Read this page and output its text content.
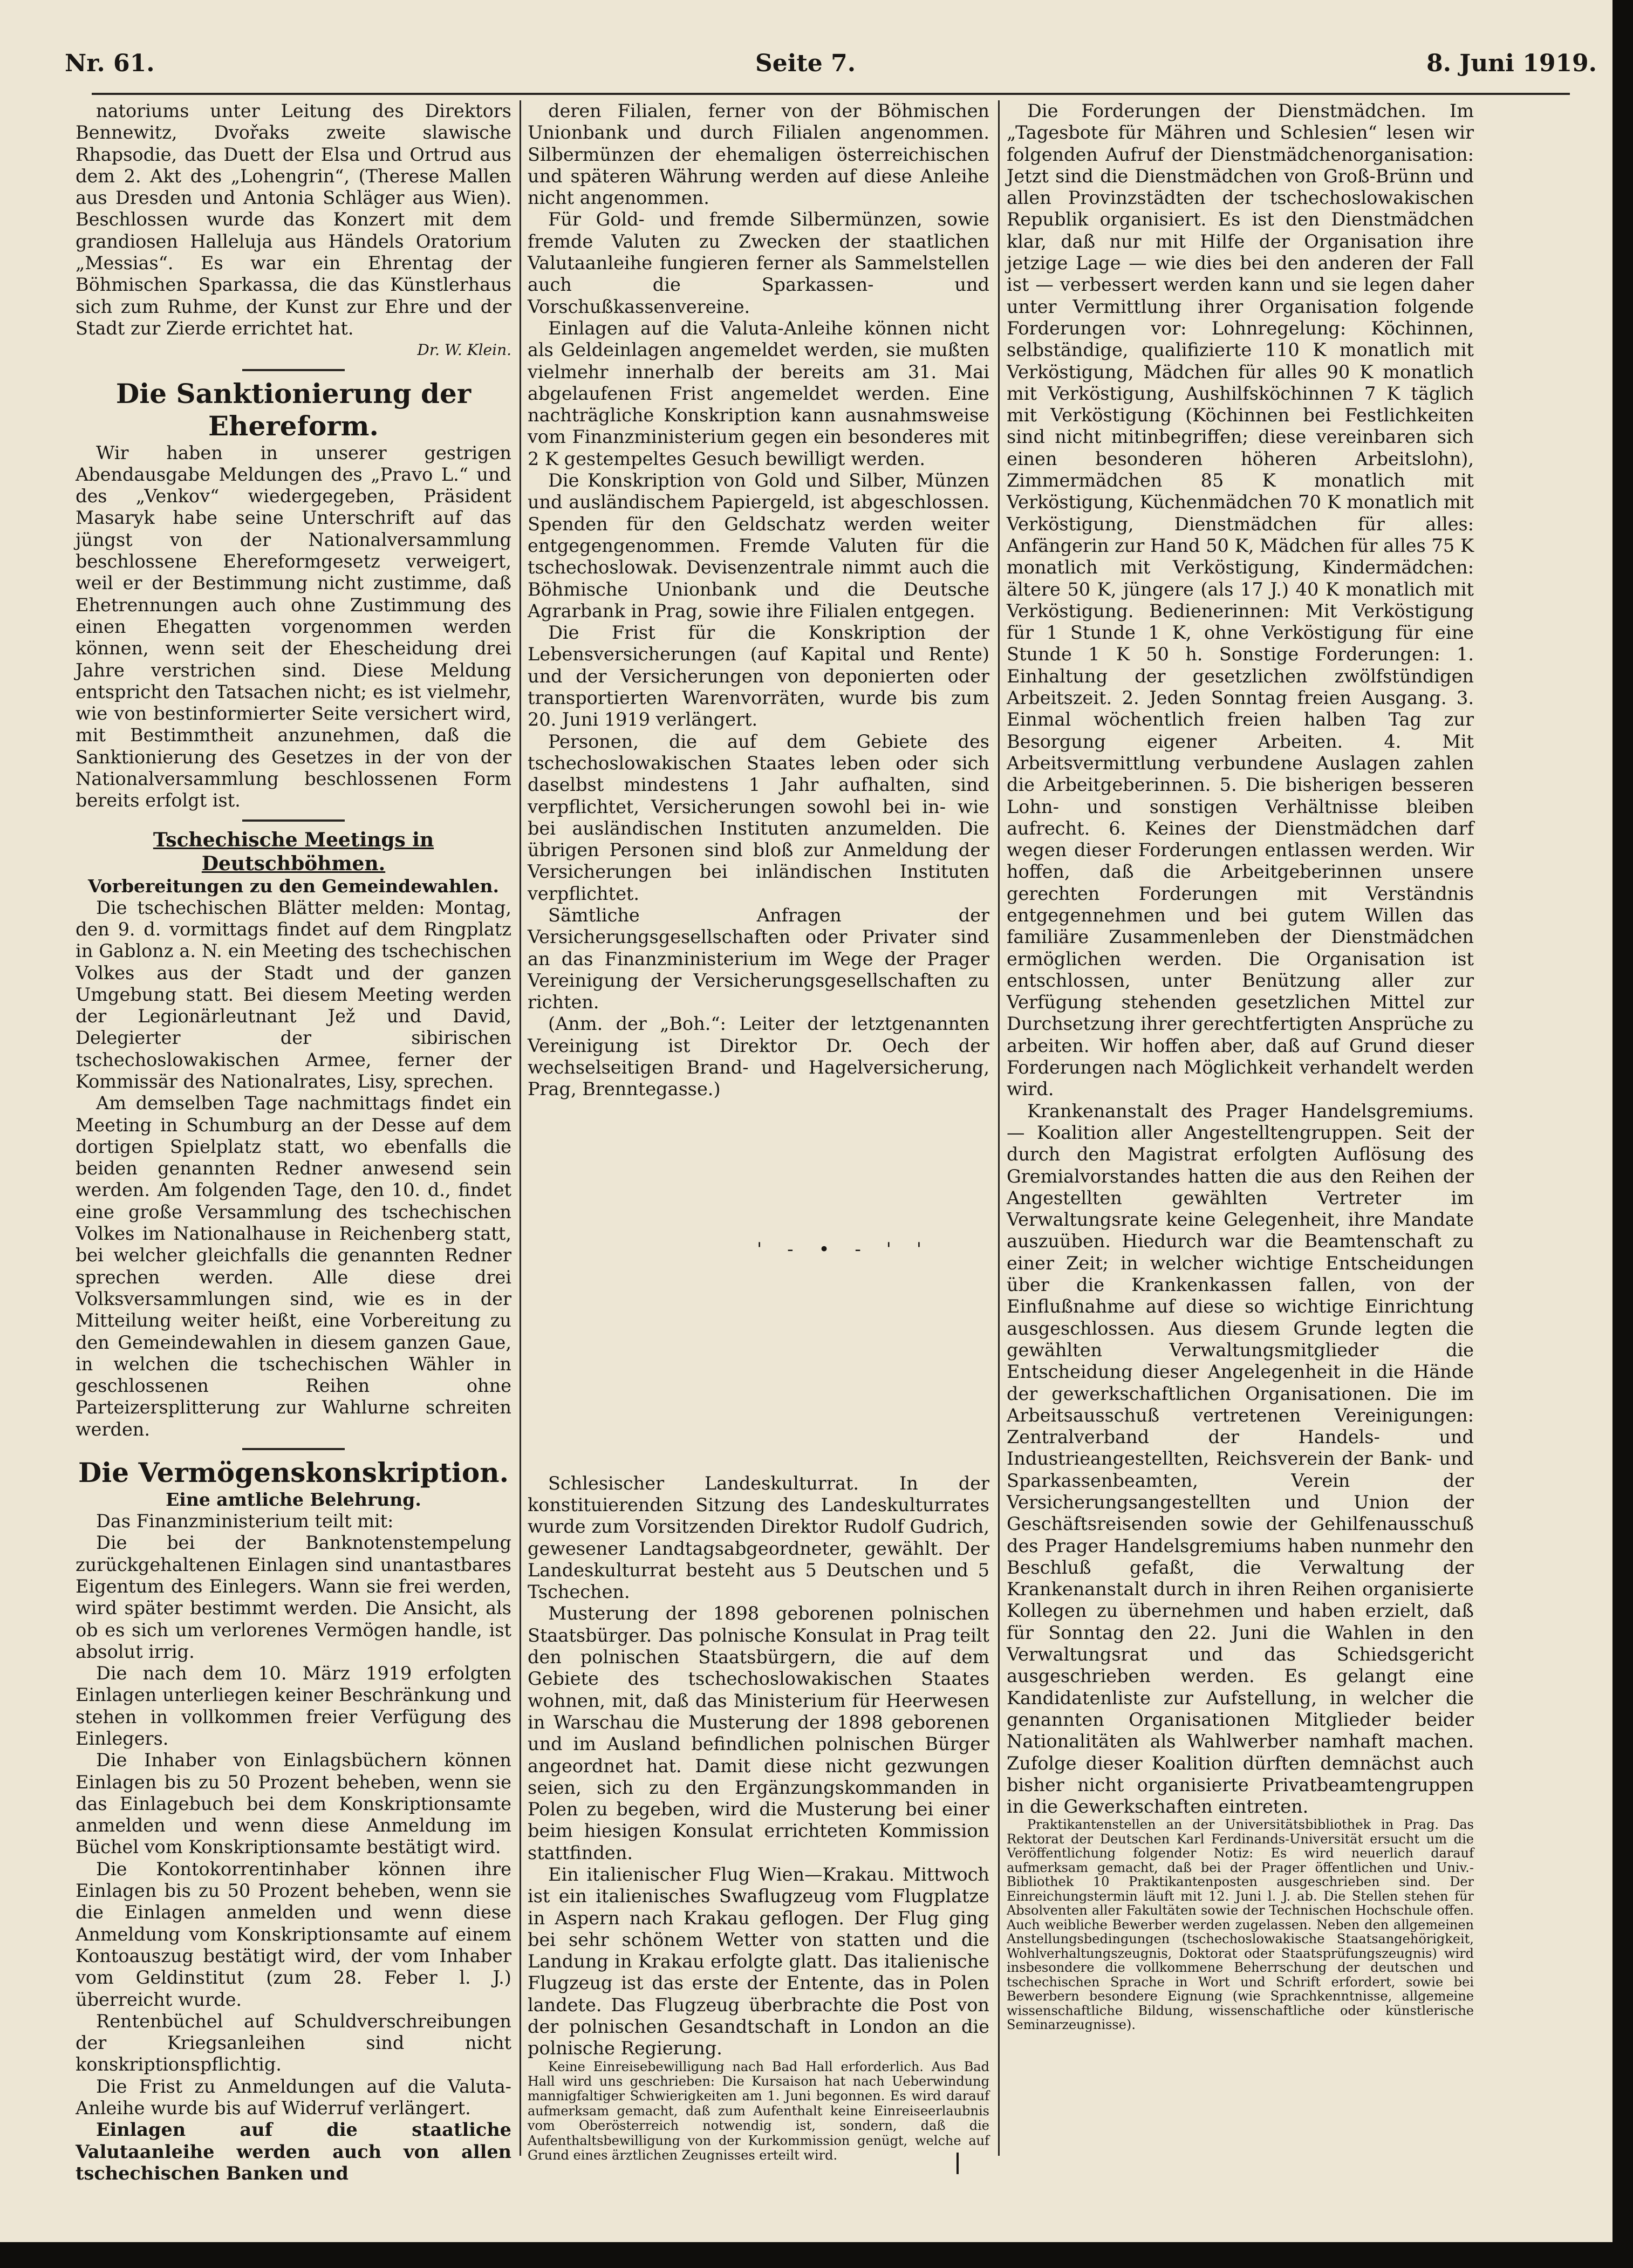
Nr. 61.	Seite 7.	8. Juni 1919.

natoriums unter Leitung des Direktors Bennewitz, Dvořaks zweite slawische Rhapsodie, das Duett der Elsa und Ortrud aus dem 2. Akt des „Lohengrin“, (Therese Mallen aus Dresden und Antonia Schläger aus Wien). Beschlossen wurde das Konzert mit dem grandiosen Halleluja aus Händels Oratorium „Messias“. Es war ein Ehrentag der Böhmischen Sparkassa, die das Künstlerhaus sich zum Ruhme, der Kunst zur Ehre und der Stadt zur Zierde errichtet hat.

Dr. W. Klein.

Die Sanktionierung der Ehereform.

Wir haben in unserer gestrigen Abendausgabe Meldungen des „Pravo L.“ und des „Venkov“ wiedergegeben, Präsident Masaryk habe seine Unterschrift auf das jüngst von der Nationalversammlung beschlossene Ehereformgesetz verweigert, weil er der Bestimmung nicht zustimme, daß Ehetrennungen auch ohne Zustimmung des einen Ehegatten vorgenommen werden können, wenn seit der Ehescheidung drei Jahre verstrichen sind. Diese Meldung entspricht den Tatsachen nicht; es ist vielmehr, wie von bestinformierter Seite versichert wird, mit Bestimmtheit anzunehmen, daß die Sanktionierung des Gesetzes in der von der Nationalversammlung beschlossenen Form bereits erfolgt ist.

Tschechische Meetings in Deutschböhmen.
Vorbereitungen zu den Gemeindewahlen.

Die tschechischen Blätter melden: Montag, den 9. d. vormittags findet auf dem Ringplatz in Gablonz a. N. ein Meeting des tschechischen Volkes aus der Stadt und der ganzen Umgebung statt. Bei diesem Meeting werden der Legionärleutnant Jež und David, Delegierter der sibirischen tschechoslowakischen Armee, ferner der Kommissär des Nationalrates, Lisy, sprechen.

Am demselben Tage nachmittags findet ein Meeting in Schumburg an der Desse auf dem dortigen Spielplatz statt, wo ebenfalls die beiden genannten Redner anwesend sein werden. Am folgenden Tage, den 10. d., findet eine große Versammlung des tschechischen Volkes im Nationalhause in Reichenberg statt, bei welcher gleichfalls die genannten Redner sprechen werden. Alle diese drei Volksversammlungen sind, wie es in der Mitteilung weiter heißt, eine Vorbereitung zu den Gemeindewahlen in diesem ganzen Gaue, in welchen die tschechischen Wähler in geschlossenen Reihen ohne Parteizersplitterung zur Wahlurne schreiten werden.

Die Vermögenskonskription.
Eine amtliche Belehrung.

Das Finanzministerium teilt mit:

Die bei der Banknotenstempelung zurückgehaltenen Einlagen sind unantastbares Eigentum des Einlegers. Wann sie frei werden, wird später bestimmt werden. Die Ansicht, als ob es sich um verlorenes Vermögen handle, ist absolut irrig.

Die nach dem 10. März 1919 erfolgten Einlagen unterliegen keiner Beschränkung und stehen in vollkommen freier Verfügung des Einlegers.

Die Inhaber von Einlagsbüchern können Einlagen bis zu 50 Prozent beheben, wenn sie das Einlagebuch bei dem Konskriptionsamte anmelden und wenn diese Anmeldung im Büchel vom Konskriptionsamte bestätigt wird.

Die Kontokorrentinhaber können ihre Einlagen bis zu 50 Prozent beheben, wenn sie die Einlagen anmelden und wenn diese Anmeldung vom Konskriptionsamte auf einem Kontoauszug bestätigt wird, der vom Inhaber vom Geldinstitut (zum 28. Feber l. J.) überreicht wurde.

Rentenbüchel auf Schuldverschreibungen der Kriegsanleihen sind nicht konskriptionspflichtig.

Die Frist zu Anmeldungen auf die Valuta-Anleihe wurde bis auf Widerruf verlängert.

Einlagen auf die staatliche Valutaanleihe werden auch von allen tschechischen Banken und

deren Filialen, ferner von der Böhmischen Unionbank und durch Filialen angenommen. Silbermünzen der ehemaligen österreichischen und späteren Währung werden auf diese Anleihe nicht angenommen.

Für Gold- und fremde Silbermünzen, sowie fremde Valuten zu Zwecken der staatlichen Valutaanleihe fungieren ferner als Sammelstellen auch die Sparkassen- und Vorschußkassenvereine.

Einlagen auf die Valuta-Anleihe können nicht als Geldeinlagen angemeldet werden, sie mußten vielmehr innerhalb der bereits am 31. Mai abgelaufenen Frist angemeldet werden. Eine nachträgliche Konskription kann ausnahmsweise vom Finanzministerium gegen ein besonderes mit 2 K gestempeltes Gesuch bewilligt werden.

Die Konskription von Gold und Silber, Münzen und ausländischem Papiergeld, ist abgeschlossen. Spenden für den Geldschatz werden weiter entgegengenommen. Fremde Valuten für die tschechoslowak. Devisenzentrale nimmt auch die Böhmische Unionbank und die Deutsche Agrarbank in Prag, sowie ihre Filialen entgegen.

Die Frist für die Konskription der Lebensversicherungen (auf Kapital und Rente) und der Versicherungen von deponierten oder transportierten Warenvorräten, wurde bis zum 20. Juni 1919 verlängert.

Personen, die auf dem Gebiete des tschechoslowakischen Staates leben oder sich daselbst mindestens 1 Jahr aufhalten, sind verpflichtet, Versicherungen sowohl bei in- wie bei ausländischen Instituten anzumelden. Die übrigen Personen sind bloß zur Anmeldung der Versicherungen bei inländischen Instituten verpflichtet.

Sämtliche Anfragen der Versicherungsgesellschaften oder Privater sind an das Finanzministerium im Wege der Prager Vereinigung der Versicherungsgesellschaften zu richten.

(Anm. der „Boh.“: Leiter der letztgenannten Vereinigung ist Direktor Dr. Oech der wechselseitigen Brand- und Hagelversicherung, Prag, Brenntegasse.)

Schlesischer Landeskulturrat. In der konstituierenden Sitzung des Landeskulturrates wurde zum Vorsitzenden Direktor Rudolf Gudrich, gewesener Landtagsabgeordneter, gewählt. Der Landeskulturrat besteht aus 5 Deutschen und 5 Tschechen.

Musterung der 1898 geborenen polnischen Staatsbürger. Das polnische Konsulat in Prag teilt den polnischen Staatsbürgern, die auf dem Gebiete des tschechoslowakischen Staates wohnen, mit, daß das Ministerium für Heerwesen in Warschau die Musterung der 1898 geborenen und im Ausland befindlichen polnischen Bürger angeordnet hat. Damit diese nicht gezwungen seien, sich zu den Ergänzungskommanden in Polen zu begeben, wird die Musterung bei einer beim hiesigen Konsulat errichteten Kommission stattfinden.

Ein italienischer Flug Wien—Krakau. Mittwoch ist ein italienisches Swaflugzeug vom Flugplatze in Aspern nach Krakau geflogen. Der Flug ging bei sehr schönem Wetter von statten und die Landung in Krakau erfolgte glatt. Das italienische Flugzeug ist das erste der Entente, das in Polen landete. Das Flugzeug überbrachte die Post von der polnischen Gesandtschaft in London an die polnische Regierung.

Keine Einreisebewilligung nach Bad Hall erforderlich. Aus Bad Hall wird uns geschrieben: Die Kursaison hat nach Ueberwindung mannigfaltiger Schwierigkeiten am 1. Juni begonnen. Es wird darauf aufmerksam gemacht, daß zum Aufenthalt keine Einreiseerlaubnis vom Oberösterreich notwendig ist, sondern, daß die Aufenthaltsbewilligung von der Kurkommission genügt, welche auf Grund eines ärztlichen Zeugnisses erteilt wird.

' - • - ' '

Die Forderungen der Dienstmädchen. Im „Tagesbote für Mähren und Schlesien“ lesen wir folgenden Aufruf der Dienstmädchenorganisation: Jetzt sind die Dienstmädchen von Groß-Brünn und allen Provinzstädten der tschechoslowakischen Republik organisiert. Es ist den Dienstmädchen klar, daß nur mit Hilfe der Organisation ihre jetzige Lage — wie dies bei den anderen der Fall ist — verbessert werden kann und sie legen daher unter Vermittlung ihrer Organisation folgende Forderungen vor: Lohnregelung: Köchinnen, selbständige, qualifizierte 110 K monatlich mit Verköstigung, Mädchen für alles 90 K monatlich mit Verköstigung, Aushilfsköchinnen 7 K täglich mit Verköstigung (Köchinnen bei Festlichkeiten sind nicht mitinbegriffen; diese vereinbaren sich einen besonderen höheren Arbeitslohn), Zimmermädchen 85 K monatlich mit Verköstigung, Küchenmädchen 70 K monatlich mit Verköstigung, Dienstmädchen für alles: Anfängerin zur Hand 50 K, Mädchen für alles 75 K monatlich mit Verköstigung, Kindermädchen: ältere 50 K, jüngere (als 17 J.) 40 K monatlich mit Verköstigung. Bedienerinnen: Mit Verköstigung für 1 Stunde 1 K, ohne Verköstigung für eine Stunde 1 K 50 h. Sonstige Forderungen: 1. Einhaltung der gesetzlichen zwölfstündigen Arbeitszeit. 2. Jeden Sonntag freien Ausgang. 3. Einmal wöchentlich freien halben Tag zur Besorgung eigener Arbeiten. 4. Mit Arbeitsvermittlung verbundene Auslagen zahlen die Arbeitgeberinnen. 5. Die bisherigen besseren Lohn- und sonstigen Verhältnisse bleiben aufrecht. 6. Keines der Dienstmädchen darf wegen dieser Forderungen entlassen werden. Wir hoffen, daß die Arbeitgeberinnen unsere gerechten Forderungen mit Verständnis entgegennehmen und bei gutem Willen das familiäre Zusammenleben der Dienstmädchen ermöglichen werden. Die Organisation ist entschlossen, unter Benützung aller zur Verfügung stehenden gesetzlichen Mittel zur Durchsetzung ihrer gerechtfertigten Ansprüche zu arbeiten. Wir hoffen aber, daß auf Grund dieser Forderungen nach Möglichkeit verhandelt werden wird.

Krankenanstalt des Prager Handelsgremiums. — Koalition aller Angestelltengruppen. Seit der durch den Magistrat erfolgten Auflösung des Gremialvorstandes hatten die aus den Reihen der Angestellten gewählten Vertreter im Verwaltungsrate keine Gelegenheit, ihre Mandate auszuüben. Hiedurch war die Beamtenschaft zu einer Zeit; in welcher wichtige Entscheidungen über die Krankenkassen fallen, von der Einflußnahme auf diese so wichtige Einrichtung ausgeschlossen. Aus diesem Grunde legten die gewählten Verwaltungsmitglieder die Entscheidung dieser Angelegenheit in die Hände der gewerkschaftlichen Organisationen. Die im Arbeitsausschuß vertretenen Vereinigungen: Zentralverband der Handels- und Industrieangestellten, Reichsverein der Bank- und Sparkassenbeamten, Verein der Versicherungsangestellten und Union der Geschäftsreisenden sowie der Gehilfenausschuß des Prager Handelsgremiums haben nunmehr den Beschluß gefaßt, die Verwaltung der Krankenanstalt durch in ihren Reihen organisierte Kollegen zu übernehmen und haben erzielt, daß für Sonntag den 22. Juni die Wahlen in den Verwaltungsrat und das Schiedsgericht ausgeschrieben werden. Es gelangt eine Kandidatenliste zur Aufstellung, in welcher die genannten Organisationen Mitglieder beider Nationalitäten als Wahlwerber namhaft machen. Zufolge dieser Koalition dürften demnächst auch bisher nicht organisierte Privatbeamtengruppen in die Gewerkschaften eintreten.

Praktikantenstellen an der Universitätsbibliothek in Prag. Das Rektorat der Deutschen Karl Ferdinands-Universität ersucht um die Veröffentlichung folgender Notiz: Es wird neuerlich darauf aufmerksam gemacht, daß bei der Prager öffentlichen und Univ.-Bibliothek 10 Praktikantenposten ausgeschrieben sind. Der Einreichungstermin läuft mit 12. Juni l. J. ab. Die Stellen stehen für Absolventen aller Fakultäten sowie der Technischen Hochschule offen. Auch weibliche Bewerber werden zugelassen. Neben den allgemeinen Anstellungsbedingungen (tschechoslowakische Staatsangehörigkeit, Wohlverhaltungszeugnis, Doktorat oder Staatsprüfungszeugnis) wird insbesondere die vollkommene Beherrschung der deutschen und tschechischen Sprache in Wort und Schrift erfordert, sowie bei Bewerbern besondere Eignung (wie Sprachkenntnisse, allgemeine wissenschaftliche Bildung, wissenschaftliche oder künstlerische Seminarzeugnisse).
